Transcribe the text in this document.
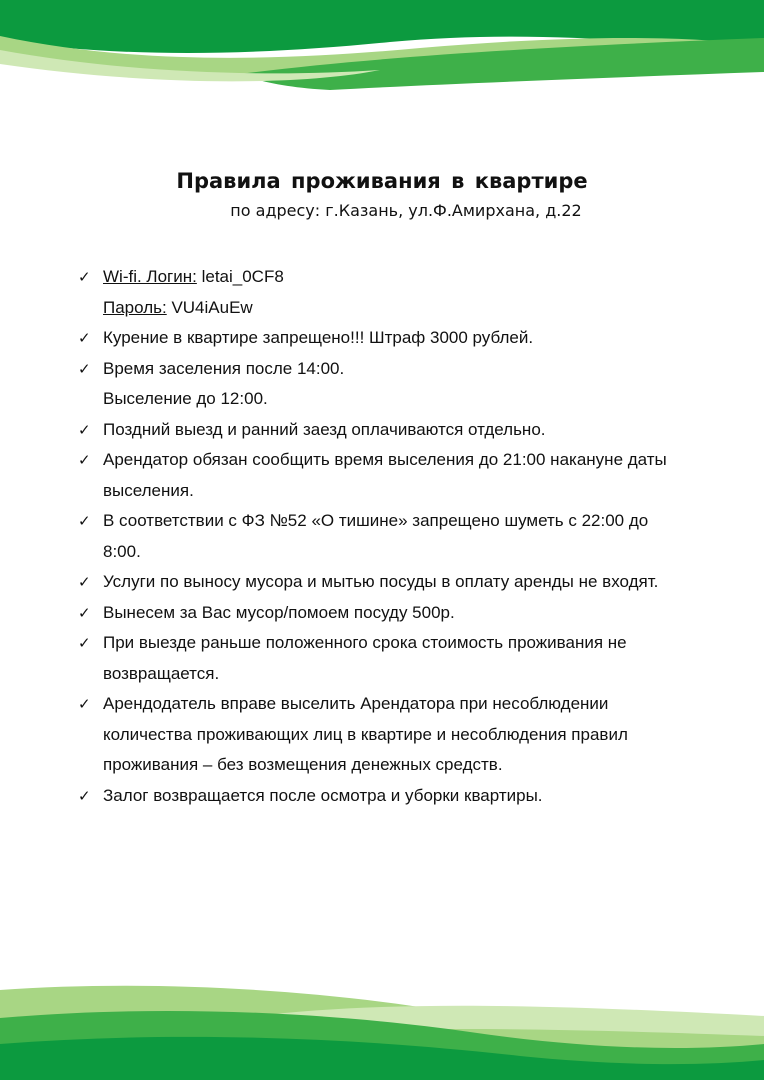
Правила проживания в квартире

по адресу: г.Казань, ул.Ф.Амирхана, д.22

✓ Wi-fi. Логин: letai_0CF8
Пароль: VU4iAuEw
✓ Курение в квартире запрещено!!! Штраф 3000 рублей.
✓ Время заселения после 14:00.
Выселение до 12:00.
✓ Поздний выезд и ранний заезд оплачиваются отдельно.
✓ Арендатор обязан сообщить время выселения до 21:00 накануне даты
выселения.
✓ В соответствии с ФЗ №52 «О тишине» запрещено шуметь с 22:00 до
8:00.
✓ Услуги по выносу мусора и мытью посуды в оплату аренды не входят.
✓ Вынесем за Вас мусор/помоем посуду 500р.
✓ При выезде раньше положенного срока стоимость проживания не
возвращается.
✓ Арендодатель вправе выселить Арендатора при несоблюдении
количества проживающих лиц в квартире и несоблюдения правил
проживания – без возмещения денежных средств.
✓ Залог возвращается после осмотра и уборки квартиры.
